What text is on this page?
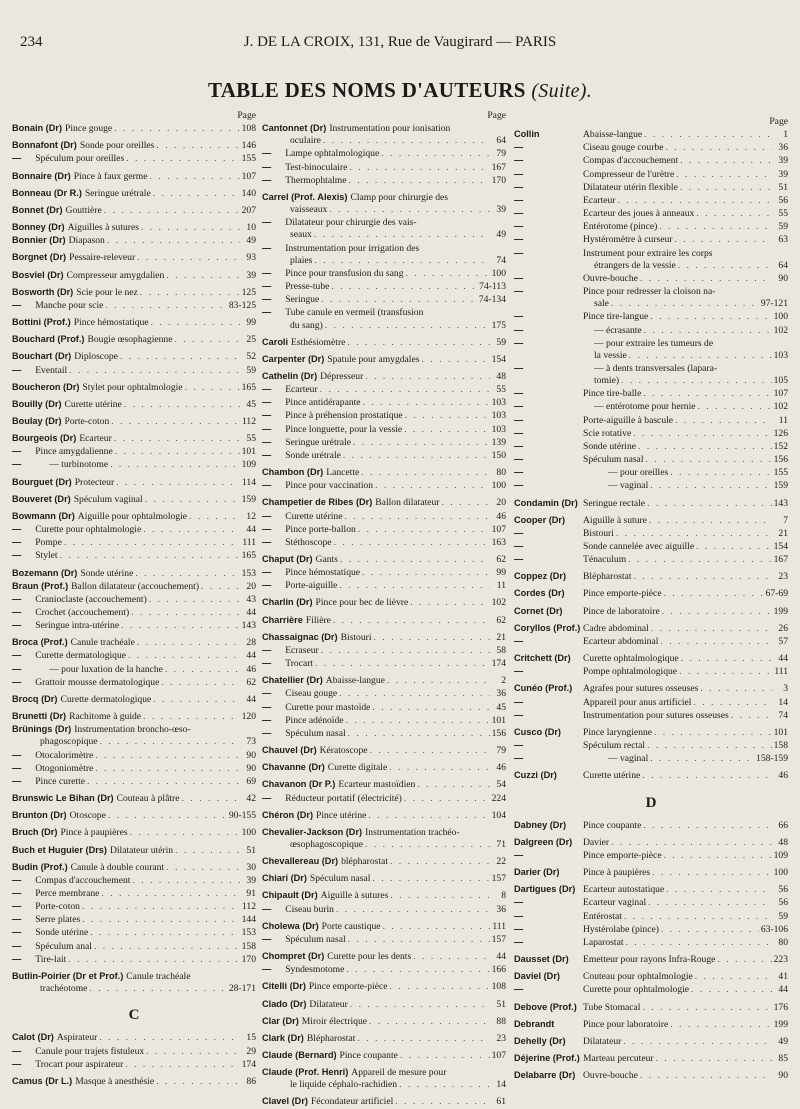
234	J. DE LA CROIX, 131, Rue de Vaugirard — PARIS
TABLE DES NOMS D'AUTEURS (Suite).
Page
Bonain (Dr) Pince gouge . . .	108
Bonnafont (Dr) Sonde pour oreilles . . .	146
— Spéculum pour oreilles . . .	155
Bonnaire (Dr) Pince à faux germe . . .	107
Bonneau (Dr R.) Seringue urétrale . . .	140
Bonnet (Dr) Gouttière . . .	207
Bonney (Dr) Aiguilles à sutures . . .	10
Bonnier (Dr) Diapason . . .	49
Borgnet (Dr) Pessaire-releveur . . .	93
Bosviel (Dr) Compresseur amygdalien . . .	39
Bosworth (Dr) Scie pour le nez . . .	125
— Manche pour scie . . .	83-125
Bottini (Prof.) Pince hémostatique . . .	99
Bouchard (Prof.) Bougie œsophagienne . . .	25
Bouchart (Dr) Diploscope . . .	52
— Eventail . . .	59
Boucheron (Dr) Stylet pour ophtalmologie . . .	165
Bouilly (Dr) Curette utérine . . .	45
Boulay (Dr) Porte-coton . . .	112
Bourgeois (Dr) Ecarteur . . .	55
— Pince amygdalienne . . .	101
—	— turbinotome . . .	109
Bourguet (Dr) Protecteur . . .	114
Bouveret (Dr) Spéculum vaginal . . .	159
Bowmann (Dr) Aiguille pour ophtalmologie . . .	12
— Curette pour ophtalmologie . . .	44
— Pompe . . .	111
— Stylet . . .	165
Bozemann (Dr) Sonde utérine . . .	153
Braun (Prof.) Ballon dilatateur (accouchement) . . .	20
— Cranioclaste (accouchement) . . .	43
— Crochet (accouchement) . . .	44
— Seringue intra-utérine . . .	143
Broca (Prof.) Canule trachéale . . .	28
— Curette dermatologique . . .	44
—	— pour luxation de la hanche . . .	46
— Grattoir mousse dermatologique . . .	62
Brocq (Dr) Curette dermatologique . . .	44
Brunetti (Dr) Rachitome à guide . . .	120
Brünings (Dr) Instrumentation broncho-œso-
phagoscopique . . .	73
— Otocalorimètre . . .	90
— Otogoniomètre . . .	90
— Pince curette . . .	69
Brunswic Le Bihan (Dr) Couteau à plâtre . . .	42
Brunton (Dr) Otoscope . . .	90-155
Bruch (Dr) Pince à paupières . . .	100
Buch et Huguier (Drs) Dilatateur utérin . . .	51
Budin (Prof.) Canule à double courant . . .	30
— Compas d'accouchement . . .	39
— Perce membrane . . .	91
— Porte-coton . . .	112
— Serre plates . . .	144
— Sonde utérine . . .	153
— Spéculum anal . . .	158
— Tire-lait . . .	170
Butlin-Poirier (Dr et Prof.) Canule trachéale
trachéotome . . .	28-171
C
Calot (Dr) Aspirateur . . .	15
— Canule pour trajets fistuleux . . .	29
— Trocart pour aspirateur . . .	174
Camus (Dr L.) Masque à anesthésie . . .	86
Page
Cantonnet (Dr) Instrumentation pour ionisation
oculaire . . .	64
— Lampe ophtalmologique . . .	79
— Test-binoculaire . . .	167
— Thermophtalme . . .	170
Carrel (Prof. Alexis) Clamp pour chirurgie des
vaisseaux . . .	39
— Dilatateur pour chirurgie des vais-
seaux . . .	49
— Instrumentation pour irrigation des
plaies . . .	74
— Pince pour transfusion du sang . . .	100
— Presse-tube . . .	74-113
— Seringue . . .	74-134
— Tube canule en vermeil (transfusion
du sang) . . .	175
Caroli Esthésiomètre . . .	59
Carpenter (Dr) Spatule pour amygdales . . .	154
Cathelin (Dr) Dépresseur . . .	48
— Ecarteur . . .	55
— Pince antidérapante . . .	103
— Pince à préhension prostatique . . .	103
— Pince longuette, pour la vessie . . .	103
— Seringue urétrale . . .	139
— Sonde urétrale . . .	150
Chambon (Dr) Lancette . . .	80
— Pince pour vaccination . . .	100
Champetier de Ribes (Dr) Ballon dilatateur . . .	20
— Curette utérine . . .	46
— Pince porte-ballon . . .	107
— Stéthoscope . . .	163
Chaput (Dr) Gants . . .	62
— Pince hémostatique . . .	99
— Porte-aiguille . . .	11
Charlin (Dr) Pince pour bec de lièvre . . .	102
Charrière Filière . . .	62
Chassaignac (Dr) Bistouri . . .	21
— Ecraseur . . .	58
— Trocart . . .	174
Chatellier (Dr) Abaisse-langue . . .	2
— Ciseau gouge . . .	36
— Curette pour mastoïde . . .	45
— Pince adénoïde . . .	101
— Spéculum nasal . . .	156
Chauvel (Dr) Kératoscope . . .	79
Chavanne (Dr) Curette digitale . . .	46
Chavanon (Dr P.) Ecarteur mastoïdien . . .	54
— Réducteur portatif (électricité) . . .	224
Chéron (Dr) Pince utérine . . .	104
Chevalier-Jackson (Dr) Instrumentation trachéo-
œsophagoscopique . . .	71
Chevallereau (Dr) blépharostat . . .	22
Chiari (Dr) Spéculum nasal . . .	157
Chipault (Dr) Aiguille à sutures . . .	8
— Ciseau burin . . .	36
Cholewa (Dr) Porte caustique . . .	111
— Spéculum nasal . . .	157
Chompret (Dr) Curette pour les dents . . .	44
— Syndesmotome . . .	166
Citelli (Dr) Pince emporte-pièce . . .	108
Clado (Dr) Dilatateur . . .	51
Clar (Dr) Miroir électrique . . .	88
Clark (Dr) Blépharostat . . .	23
Claude (Bernard) Pince coupante . . .	107
Claude (Prof. Henri) Appareil de mesure pour
le liquide céphalo-rachidien . . .	14
Clavel (Dr) Fécondateur artificiel . . .	61
Page
Collin	Abaisse-langue . . .	1
—	Ciseau gouge courbe . . .	36
—	Compas d'accouchement . . .	39
—	Compresseur de l'urètre . . .	39
—	Dilatateur utérin flexible . . .	51
—	Ecarteur . . .	56
—	Ecarteur des joues à anneaux . . .	55
—	Entérotome (pince) . . .	59
—	Hystéromètre à curseur . . .	63
—	Instrument pour extraire les corps
étrangers de la vessie . . .	64
—	Ouvre-bouche . . .	90
—	Pince pour redresser la cloison na-
sale . . .	97-121
—	Pince tire-langue . . .	100
—	— écrasante . . .	102
—	— pour extraire les tumeurs de
la vessie . . .	103
—	— à dents transversales (lapara-
tomie) . . .	105
—	Pince tire-balle . . .	107
—	— entérotome pour hernie . . .	102
—	Porte-aiguille à bascule . . .	11
—	Scie rotative . . .	126
—	Sonde utérine . . .	152
—	Spéculum nasal . . .	156
—	— pour oreilles . . .	155
—	— vaginal . . .	159
Condamin (Dr) Seringue rectale . . .	143
Cooper (Dr)	Aiguille à suture . . .	7
—	Bistouri . . .	21
—	Sonde cannelée avec aiguille . . .	154
—	Ténaculum . . .	167
Coppez (Dr)	Blépharostat . . .	23
Cordes (Dr)	Pince emporte-pièce . . .	67-69
Cornet (Dr)	Pince de laboratoire . . .	199
Coryllos (Prof.) Cadre abdominal . . .	26
—	Ecarteur abdominal . . .	57
Critchett (Dr)	Curette ophtalmologique . . .	44
—	Pompe ophtalmologique . . .	111
Cunéo (Prof.)	Agrafes pour sutures osseuses . . .	3
—	Appareil pour anus artificiel . . .	14
—	Instrumentation pour sutures osseuses . . .	74
Cusco (Dr)	Pince laryngienne . . .	101
—	Spéculum rectal . . .	158
—	— vaginal . . .	158-159
Cuzzi (Dr)	Curette utérine . . .	46
D
Dabney (Dr)	Pince coupante . . .	66
Dalgreen (Dr)	Davier . . .	48
—	Pince emporte-pièce . . .	109
Darier (Dr)	Pince à paupières . . .	100
Dartigues (Dr) Ecarteur autostatique . . .	56
—	Ecarteur vaginal . . .	56
—	Entérostat . . .	59
—	Hystérolabe (pince) . . .	63-106
—	Laparostat . . .	80
Dausset (Dr)	Emetteur pour rayons Infra-Rouge . . .	223
Daviel (Dr)	Couteau pour ophtalmologie . . .	41
—	Curette pour ophtalmologie . . .	44
Debove (Prof.) Tube Stomacal . . .	176
Debrandt	Pince pour laboratoire . . .	199
Dehelly (Dr)	Dilatateur . . .	49
Déjerine (Prof.) Marteau percuteur . . .	85
Delabarre (Dr) Ouvre-bouche . . .	90
